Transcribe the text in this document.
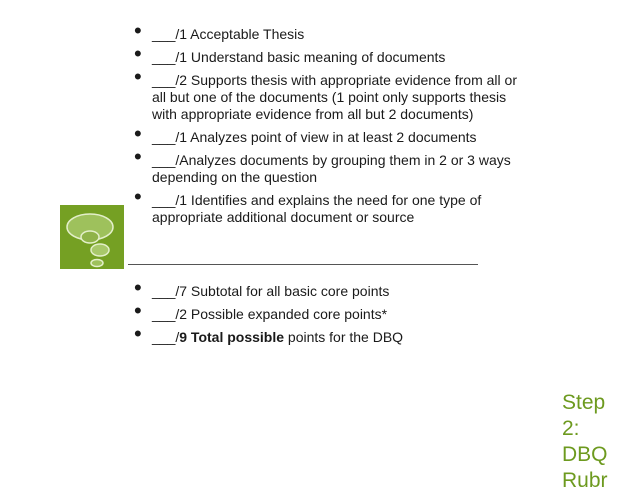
• ___/1 Acceptable Thesis
• ___/1 Understand basic meaning of documents
• ___/2 Supports thesis with appropriate evidence from all or all but one of the documents (1 point only supports thesis with appropriate evidence from all but 2 documents)
• ___/1 Analyzes point of view in at least 2 documents
• ___/Analyzes documents by grouping them in 2 or 3 ways depending on the question
• ___/1 Identifies and explains the need for one type of appropriate additional document or source
• ___/7 Subtotal for all basic core points
• ___/2 Possible expanded core points*
• ___/9 Total possible points for the DBQ
Step 2: DBQ Rubr
